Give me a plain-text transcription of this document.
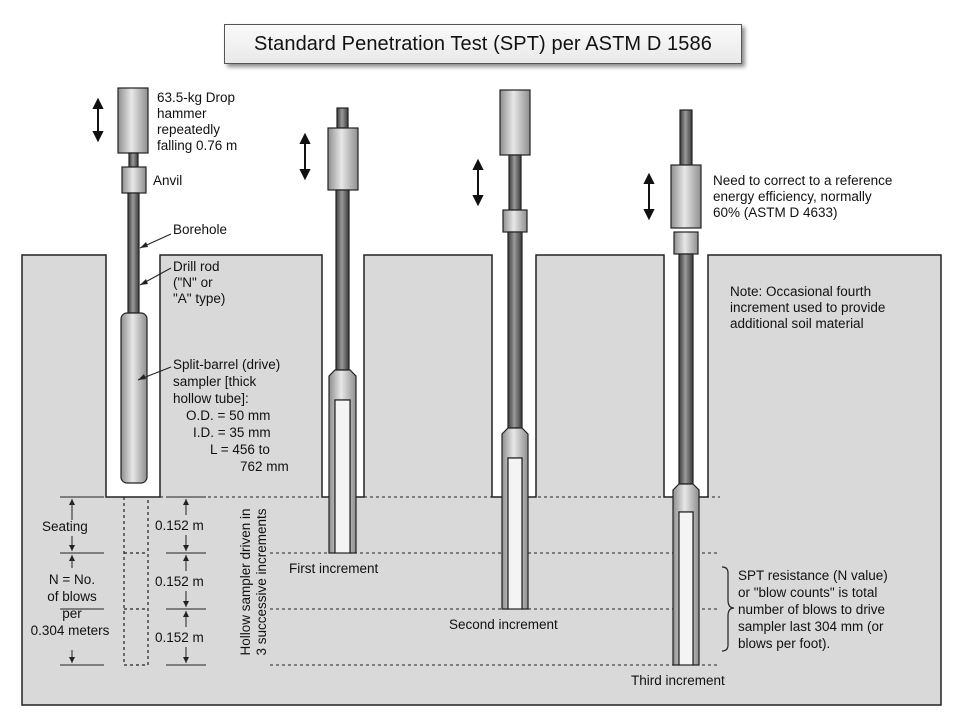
Standard Penetration Test (SPT) per ASTM D 1586
63.5-kg Drop
hammer
repeatedly
falling 0.76 m
Anvil
Borehole
Drill rod
("N" or
"A" type)
Split-barrel (drive)
sampler [thick
hollow tube]:
O.D. = 50 mm
I.D. = 35 mm
L = 456 to
762 mm
Need to correct to a reference
energy efficiency, normally
60% (ASTM D 4633)
Note: Occasional fourth
increment used to provide
additional soil material
Seating
N = No.
of blows
per
0.304 meters
0.152 m
0.152 m
0.152 m	Hollow sampler driven in 3 successive increments First increment
Second increment
Third increment
SPT resistance (N value)
or "blow counts" is total
number of blows to drive
sampler last 304 mm (or
blows per foot).
